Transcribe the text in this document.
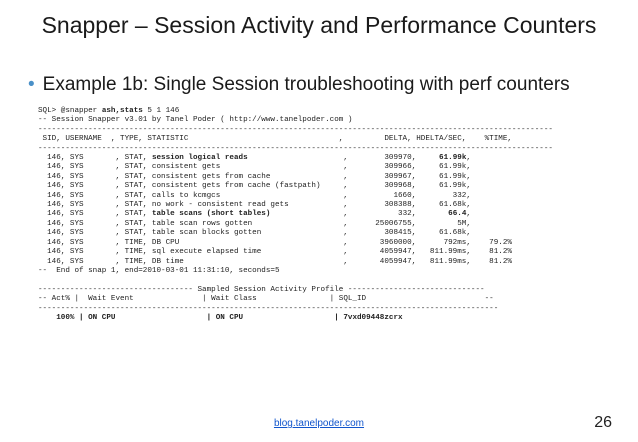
Snapper – Session Activity and Performance Counters
• Example 1b: Single Session troubleshooting with perf counters
SQL> @snapper ash,stats 5 1 146
-- Session Snapper v3.01 by Tanel Poder ( http://www.tanelpoder.com )
-----------------------------------------------------------------------------------------------------------------
SID, USERNAME  , TYPE, STATISTIC                                 ,         DELTA, HDELTA/SEC,    %TIME,
-----------------------------------------------------------------------------------------------------------------
146, SYS       , STAT, session logical reads                     ,        309970,     61.99k,
146, SYS       , STAT, consistent gets                           ,        309966,     61.99k,
146, SYS       , STAT, consistent gets from cache                ,        309967,     61.99k,
146, SYS       , STAT, consistent gets from cache (fastpath)     ,        309968,     61.99k,
146, SYS       , STAT, calls to kcmgcs                           ,          1660,        332,
146, SYS       , STAT, no work - consistent read gets            ,        308388,     61.68k,
146, SYS       , STAT, table scans (short tables)                ,           332,       66.4,
146, SYS       , STAT, table scan rows gotten                    ,      25006755,         5M,
146, SYS       , STAT, table scan blocks gotten                  ,        308415,     61.68k,
146, SYS       , TIME, DB CPU                                    ,       3960000,      792ms,    79.2%
146, SYS       , TIME, sql execute elapsed time                  ,       4059947,   811.99ms,    81.2%
146, SYS       , TIME, DB time                                   ,       4059947,   811.99ms,    81.2%
--  End of snap 1, end=2010-03-01 11:31:10, seconds=5

---------------------------------- Sampled Session Activity Profile ------------------------------
-- Act% |  Wait Event               | Wait Class                | SQL_ID                          --
-----------------------------------------------------------------------------------------------------
100% | ON CPU                    | ON CPU                    | 7vxd09448zcrx
blog.tanelpoder.com	26
